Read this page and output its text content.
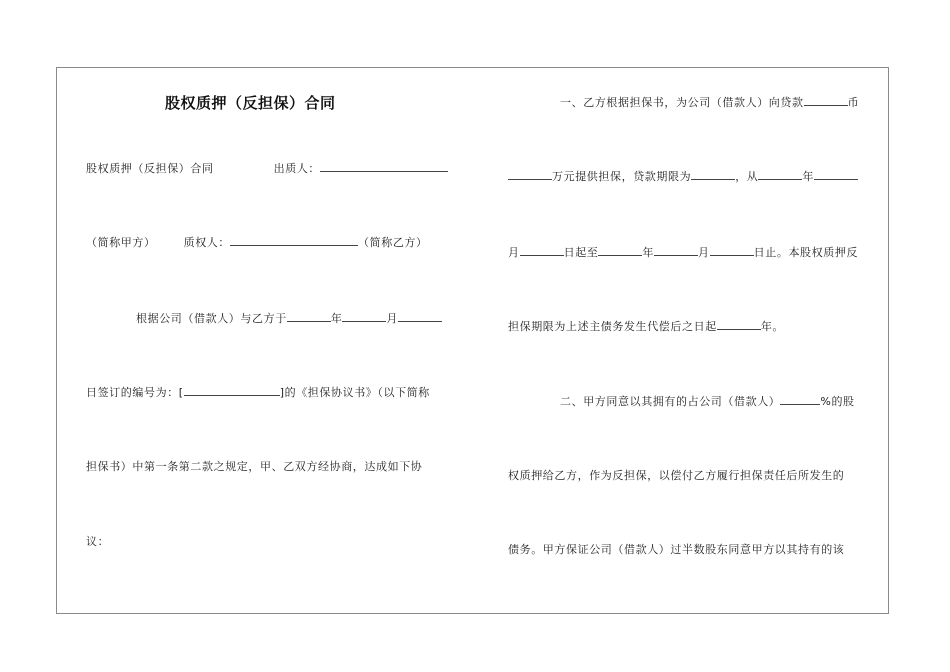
股权质押（反担保）合同
股权质押（反担保）合同	出质人：
（简称甲方）	质权人：	（简称乙方）
根据公司（借款人）与乙方于	年	月
日签订的编号为：[	]的《担保协议书》（以下简称
担保书）中第一条第二款之规定，甲、乙双方经协商，达成如下协
议：
一、乙方根据担保书，为公司（借款人）向贷款	币
万元提供担保，贷款期限为	，从	年
月	日起至	年	月	日止。本股权质押反
担保期限为上述主债务发生代偿后之日起	年。
二、甲方同意以其拥有的占公司（借款人）	%的股
权质押给乙方，作为反担保，以偿付乙方履行担保责任后所发生的
债务。甲方保证公司（借款人）过半数股东同意甲方以其持有的该
